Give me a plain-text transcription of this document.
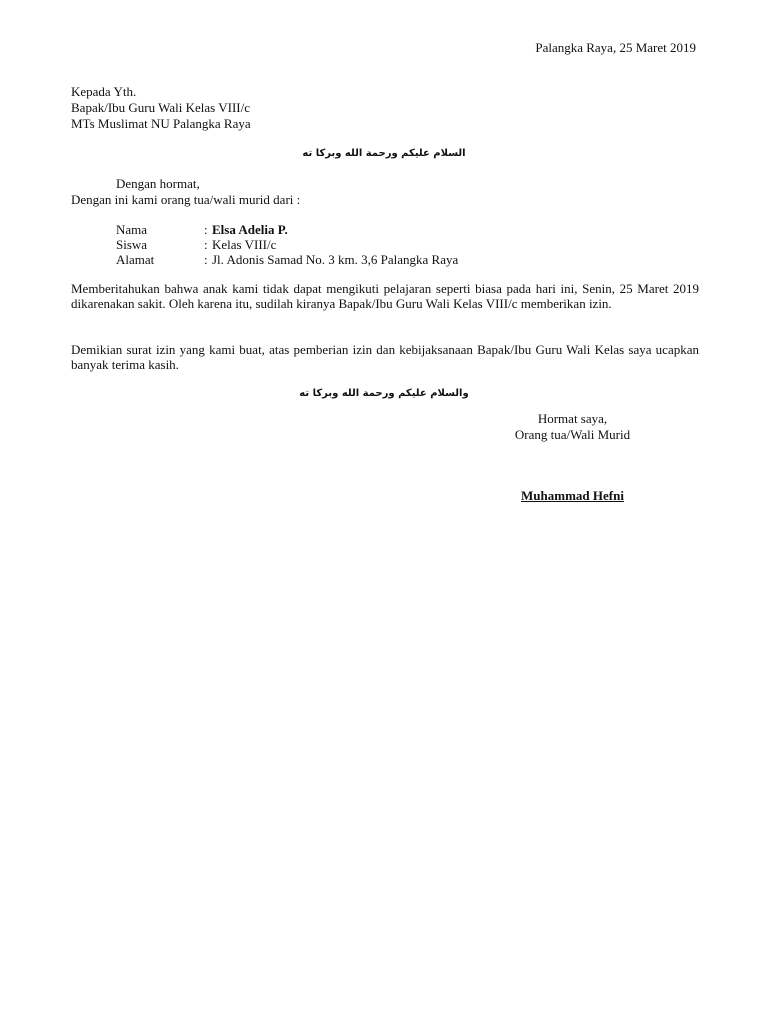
Palangka Raya, 25 Maret 2019
Kepada Yth.
Bapak/Ibu Guru Wali Kelas VIII/c
MTs Muslimat NU Palangka Raya
السلام عليكم ورحمة الله وبركا ته
Dengan hormat,
Dengan ini kami orang tua/wali murid dari :
Nama	:	Elsa Adelia P.
Siswa	:	Kelas VIII/c
Alamat	:	Jl. Adonis Samad No. 3 km. 3,6 Palangka Raya
Memberitahukan bahwa anak kami tidak dapat mengikuti pelajaran seperti biasa pada hari ini, Senin, 25 Maret 2019 dikarenakan sakit. Oleh karena itu, sudilah kiranya Bapak/Ibu Guru Wali Kelas VIII/c memberikan izin.
Demikian surat izin yang kami buat, atas pemberian izin dan kebijaksanaan Bapak/Ibu Guru Wali Kelas saya ucapkan banyak terima kasih.
والسلام عليكم ورحمة الله وبركا ته
Hormat saya,
Orang tua/Wali Murid
Muhammad Hefni
